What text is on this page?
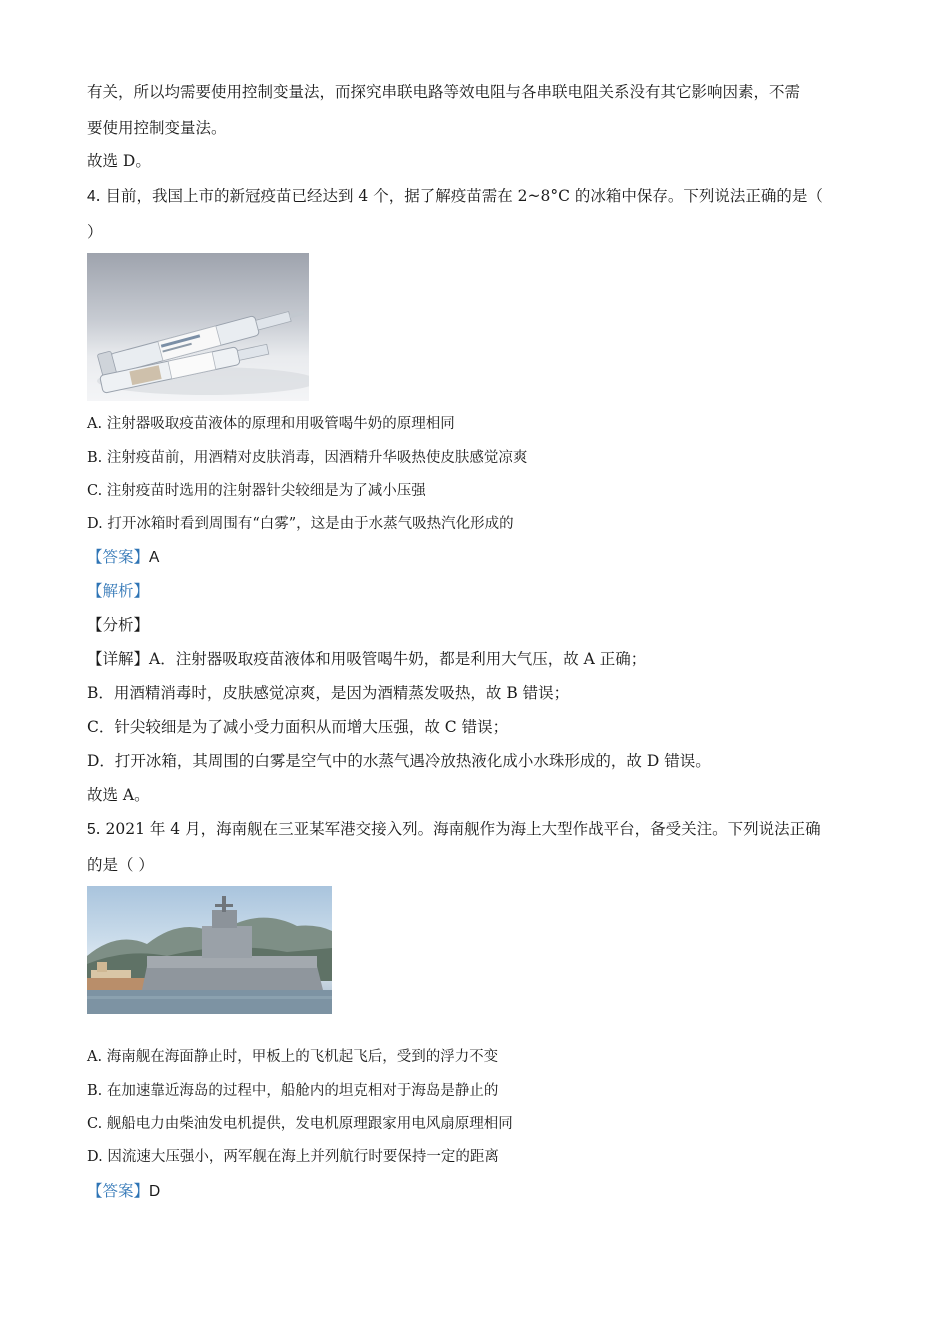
有关，所以均需要使用控制变量法，而探究串联电路等效电阻与各串联电阻关系没有其它影响因素，不需
要使用控制变量法。
故选 D。
4. 目前，我国上市的新冠疫苗已经达到 4 个，据了解疫苗需在 2~8°C 的冰箱中保存。下列说法正确的是（
）
A. 注射器吸取疫苗液体的原理和用吸管喝牛奶的原理相同
B. 注射疫苗前，用酒精对皮肤消毒，因酒精升华吸热使皮肤感觉凉爽
C. 注射疫苗时选用的注射器针尖较细是为了减小压强
D. 打开冰箱时看到周围有“白雾”，这是由于水蒸气吸热汽化形成的
【答案】A
【解析】
【分析】
【详解】A．注射器吸取疫苗液体和用吸管喝牛奶，都是利用大气压，故 A 正确；
B．用酒精消毒时，皮肤感觉凉爽，是因为酒精蒸发吸热，故 B 错误；
C．针尖较细是为了减小受力面积从而增大压强，故 C 错误；
D．打开冰箱，其周围的白雾是空气中的水蒸气遇冷放热液化成小水珠形成的，故 D 错误。
故选 A。
5. 2021 年 4 月，海南舰在三亚某军港交接入列。海南舰作为海上大型作战平台，备受关注。下列说法正确
的是（ ）
A. 海南舰在海面静止时，甲板上的飞机起飞后，受到的浮力不变
B. 在加速靠近海岛的过程中，船舱内的坦克相对于海岛是静止的
C. 舰船电力由柴油发电机提供，发电机原理跟家用电风扇原理相同
D. 因流速大压强小，两军舰在海上并列航行时要保持一定的距离
【答案】D
